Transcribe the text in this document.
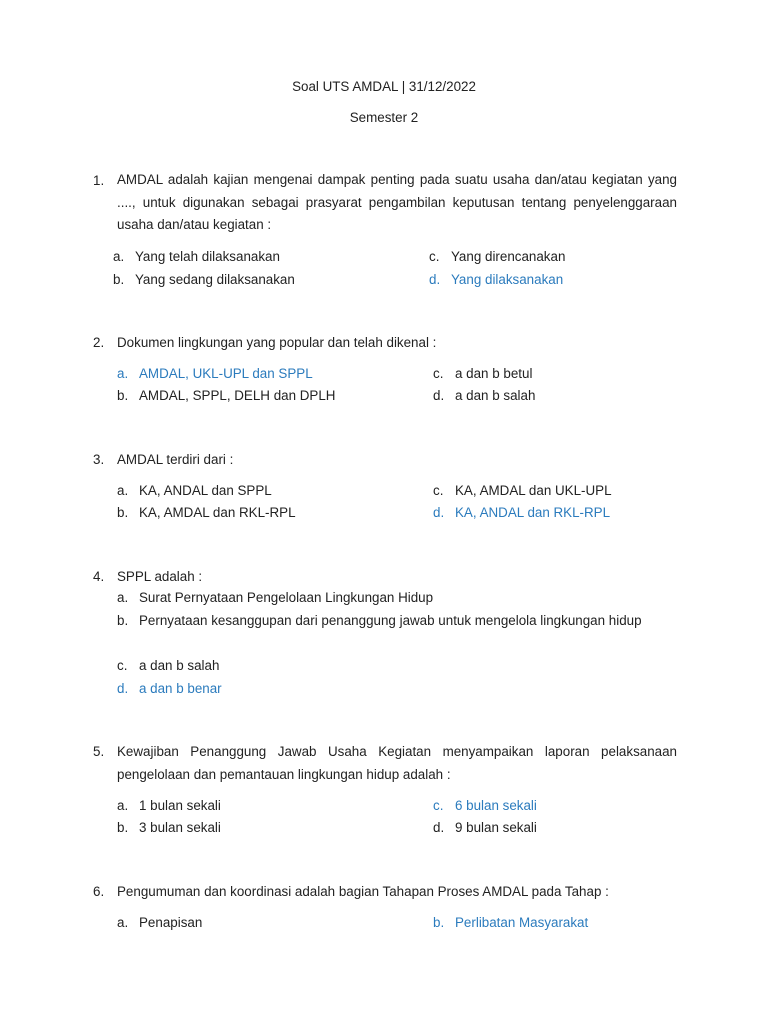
Soal UTS AMDAL | 31/12/2022
Semester 2
1. AMDAL adalah kajian mengenai dampak penting pada suatu usaha dan/atau kegiatan yang ...., untuk digunakan sebagai prasyarat pengambilan keputusan tentang penyelenggaraan usaha dan/atau kegiatan :
a. Yang telah dilaksanakan
b. Yang sedang dilaksanakan
c. Yang direncanakan
d. Yang dilaksanakan
2. Dokumen lingkungan yang popular dan telah dikenal :
a. AMDAL, UKL-UPL dan SPPL
b. AMDAL, SPPL, DELH dan DPLH
c. a dan b betul
d. a dan b salah
3. AMDAL terdiri dari :
a. KA, ANDAL dan SPPL
b. KA, AMDAL dan RKL-RPL
c. KA, AMDAL dan UKL-UPL
d. KA, ANDAL dan RKL-RPL
4. SPPL adalah :
a. Surat Pernyataan Pengelolaan Lingkungan Hidup
b. Pernyataan kesanggupan dari penanggung jawab untuk mengelola lingkungan hidup
c. a dan b salah
d. a dan b benar
5. Kewajiban Penanggung Jawab Usaha Kegiatan menyampaikan laporan pelaksanaan pengelolaan dan pemantauan lingkungan hidup adalah :
a. 1 bulan sekali
b. 3 bulan sekali
c. 6 bulan sekali
d. 9 bulan sekali
6. Pengumuman dan koordinasi adalah bagian Tahapan Proses AMDAL pada Tahap :
a. Penapisan	b. Perlibatan Masyarakat
